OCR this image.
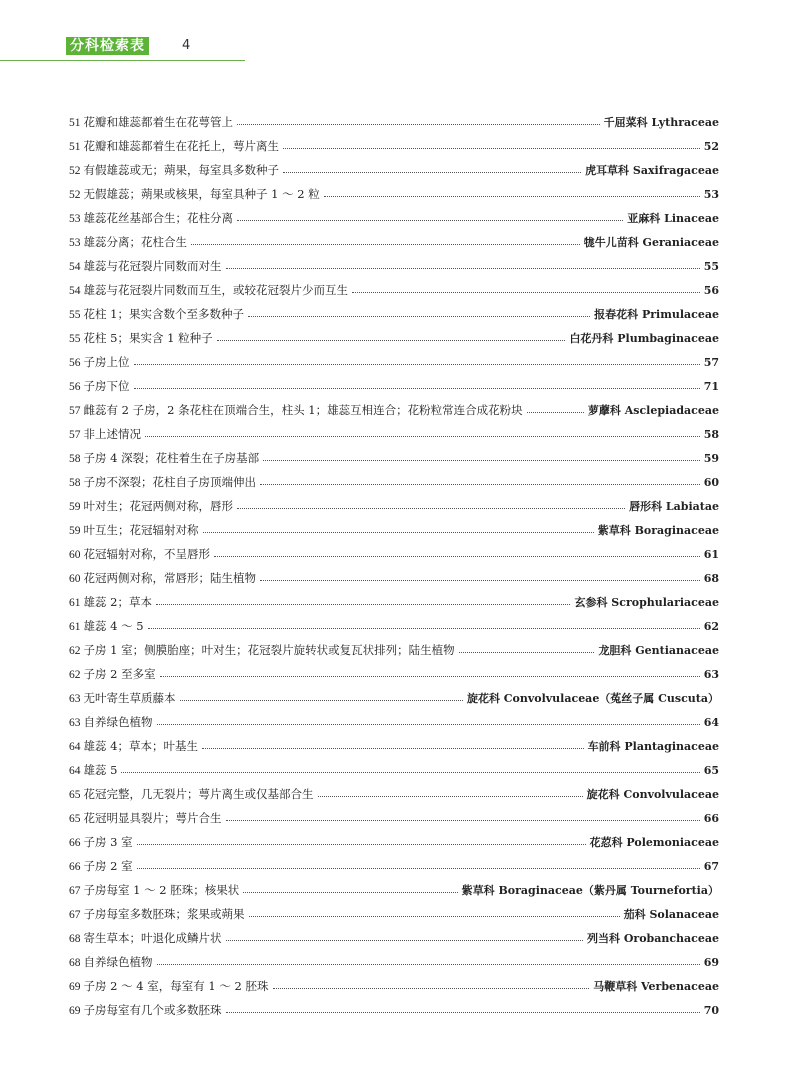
分科检索表	4
51 花瓣和雄蕊都着生在花萼管上	千屈菜科 Lythraceae
51 花瓣和雄蕊都着生在花托上，萼片离生	52
52 有假雄蕊或无；蒴果，每室具多数种子	虎耳草科 Saxifragaceae
52 无假雄蕊；蒴果或核果，每室具种子 1 ～ 2 粒	53
53 雄蕊花丝基部合生；花柱分离	亚麻科 Linaceae
53 雄蕊分离；花柱合生	牻牛儿苗科 Geraniaceae
54 雄蕊与花冠裂片同数而对生	55
54 雄蕊与花冠裂片同数而互生，或较花冠裂片少而互生	56
55 花柱 1；果实含数个至多数种子	报春花科 Primulaceae
55 花柱 5；果实含 1 粒种子	白花丹科 Plumbaginaceae
56 子房上位	57
56 子房下位	71
57 雌蕊有 2 子房，2 条花柱在顶端合生，柱头 1；雄蕊互相连合；花粉粒常连合成花粉块	萝藦科 Asclepiadaceae
57 非上述情况	58
58 子房 4 深裂；花柱着生在子房基部	59
58 子房不深裂；花柱自子房顶端伸出	60
59 叶对生；花冠两侧对称，唇形	唇形科 Labiatae
59 叶互生；花冠辐射对称	紫草科 Boraginaceae
60 花冠辐射对称，不呈唇形	61
60 花冠两侧对称，常唇形；陆生植物	68
61 雄蕊 2；草本	玄参科 Scrophulariaceae
61 雄蕊 4 ～ 5	62
62 子房 1 室；侧膜胎座；叶对生；花冠裂片旋转状或复瓦状排列；陆生植物	龙胆科 Gentianaceae
62 子房 2 至多室	63
63 无叶寄生草质藤本	旋花科 Convolvulaceae（菟丝子属 Cuscuta）
63 自养绿色植物	64
64 雄蕊 4；草本；叶基生	车前科 Plantaginaceae
64 雄蕊 5	65
65 花冠完整，几无裂片；萼片离生或仅基部合生	旋花科 Convolvulaceae
65 花冠明显具裂片；萼片合生	66
66 子房 3 室	花荵科 Polemoniaceae
66 子房 2 室	67
67 子房每室 1 ～ 2 胚珠；核果状	紫草科 Boraginaceae（紫丹属 Tournefortia）
67 子房每室多数胚珠；浆果或蒴果	茄科 Solanaceae
68 寄生草本；叶退化成鳞片状	列当科 Orobanchaceae
68 自养绿色植物	69
69 子房 2 ～ 4 室，每室有 1 ～ 2 胚珠	马鞭草科 Verbenaceae
69 子房每室有几个或多数胚珠	70
